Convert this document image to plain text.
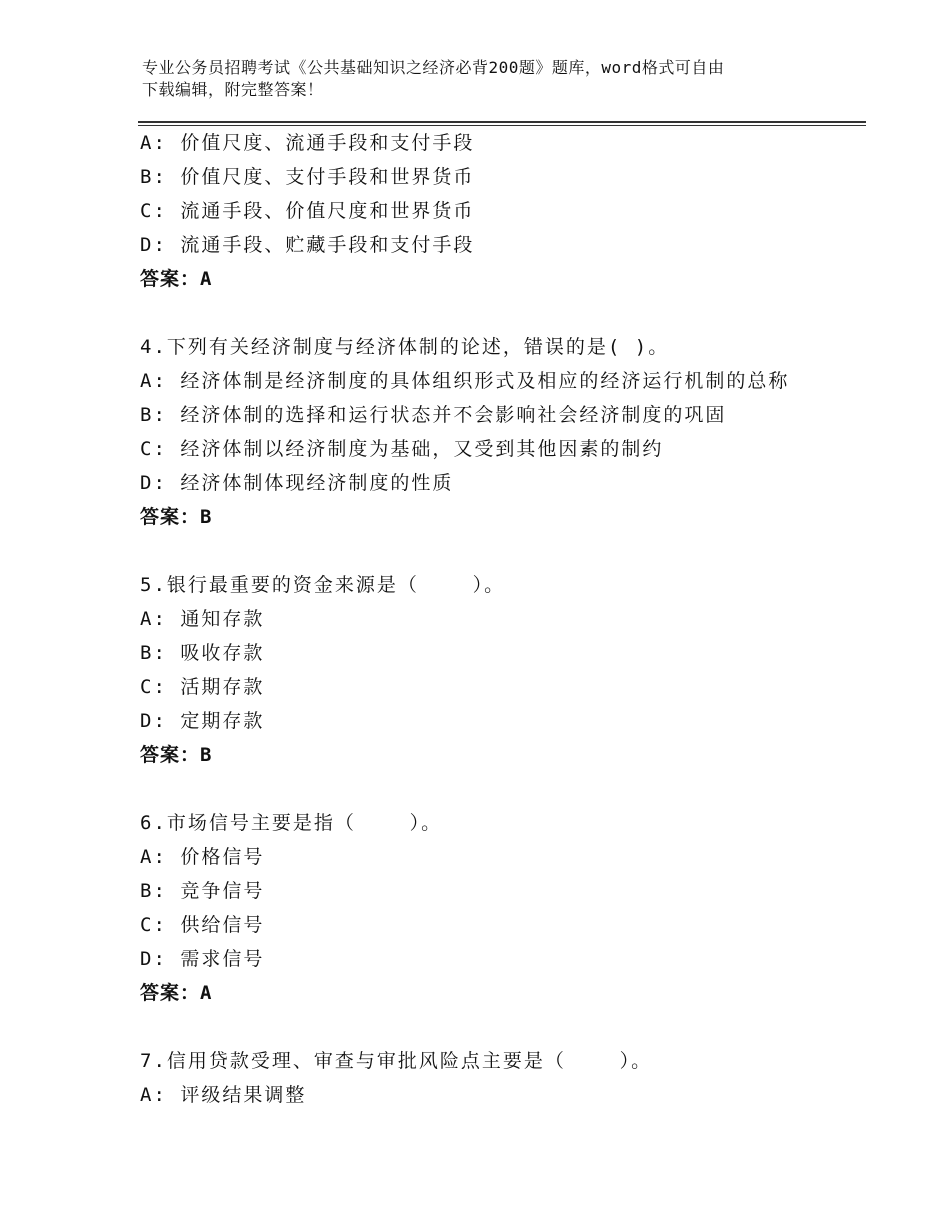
专业公务员招聘考试《公共基础知识之经济必背200题》题库，word格式可自由
下载编辑，附完整答案！
A: 价值尺度、流通手段和支付手段
B: 价值尺度、支付手段和世界货币
C: 流通手段、价值尺度和世界货币
D: 流通手段、贮藏手段和支付手段
答案：A
4.下列有关经济制度与经济体制的论述，错误的是( )。
A: 经济体制是经济制度的具体组织形式及相应的经济运行机制的总称
B: 经济体制的选择和运行状态并不会影响社会经济制度的巩固
C: 经济体制以经济制度为基础，又受到其他因素的制约
D: 经济体制体现经济制度的性质
答案：B
5.银行最重要的资金来源是（    ）。
A: 通知存款
B: 吸收存款
C: 活期存款
D: 定期存款
答案：B
6.市场信号主要是指（    ）。
A: 价格信号
B: 竞争信号
C: 供给信号
D: 需求信号
答案：A
7.信用贷款受理、审查与审批风险点主要是（    ）。
A: 评级结果调整
